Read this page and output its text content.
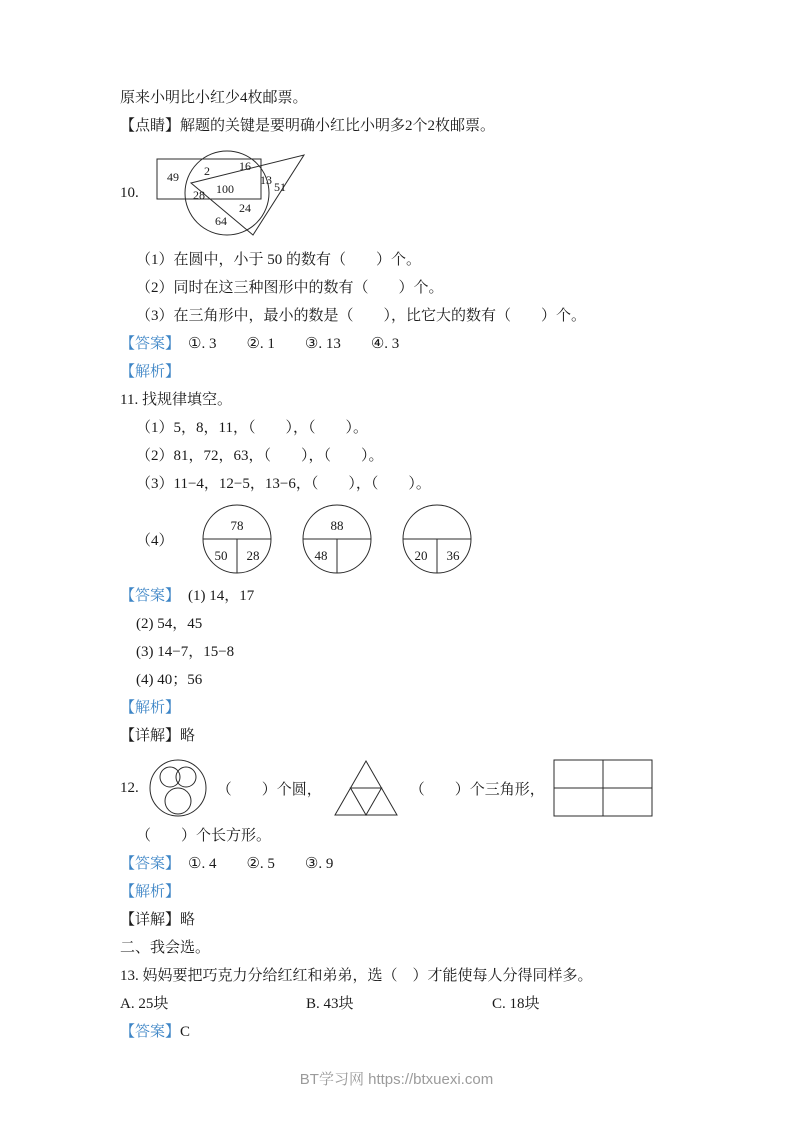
原来小明比小红少4枚邮票。
【点睛】解题的关键是要明确小红比小明多2个2枚邮票。
10.
49 2 16
28 100
13 51
24
64
（1）在圆中，小于 50 的数有（　　）个。
（2）同时在这三种图形中的数有（　　）个。
（3）在三角形中，最小的数是（　　），比它大的数有（　　）个。
【答案】 ①. 3　　②. 1　　③. 13　　④. 3
【解析】
11. 找规律填空。
（1）5，8，11，（　　），（　　）。
（2）81，72，63，（　　），（　　）。
（3）11−4，12−5，13−6，（　　），（　　）。
（4）
78
50 28
88
48	20 36
【答案】 (1) 14，17
(2) 54，45
(3) 14−7，15−8
(4) 40；56
【解析】
【详解】略
12.	（　　）个圆，	（　　）个三角形，
（　　）个长方形。
【答案】 ①. 4　　②. 5　　③. 9
【解析】
【详解】略
二、我会选。
13. 妈妈要把巧克力分给红红和弟弟，选（　）才能使每人分得同样多。
A. 25块	B. 43块	C. 18块
【答案】C
BT学习网 https://btxuexi.com
